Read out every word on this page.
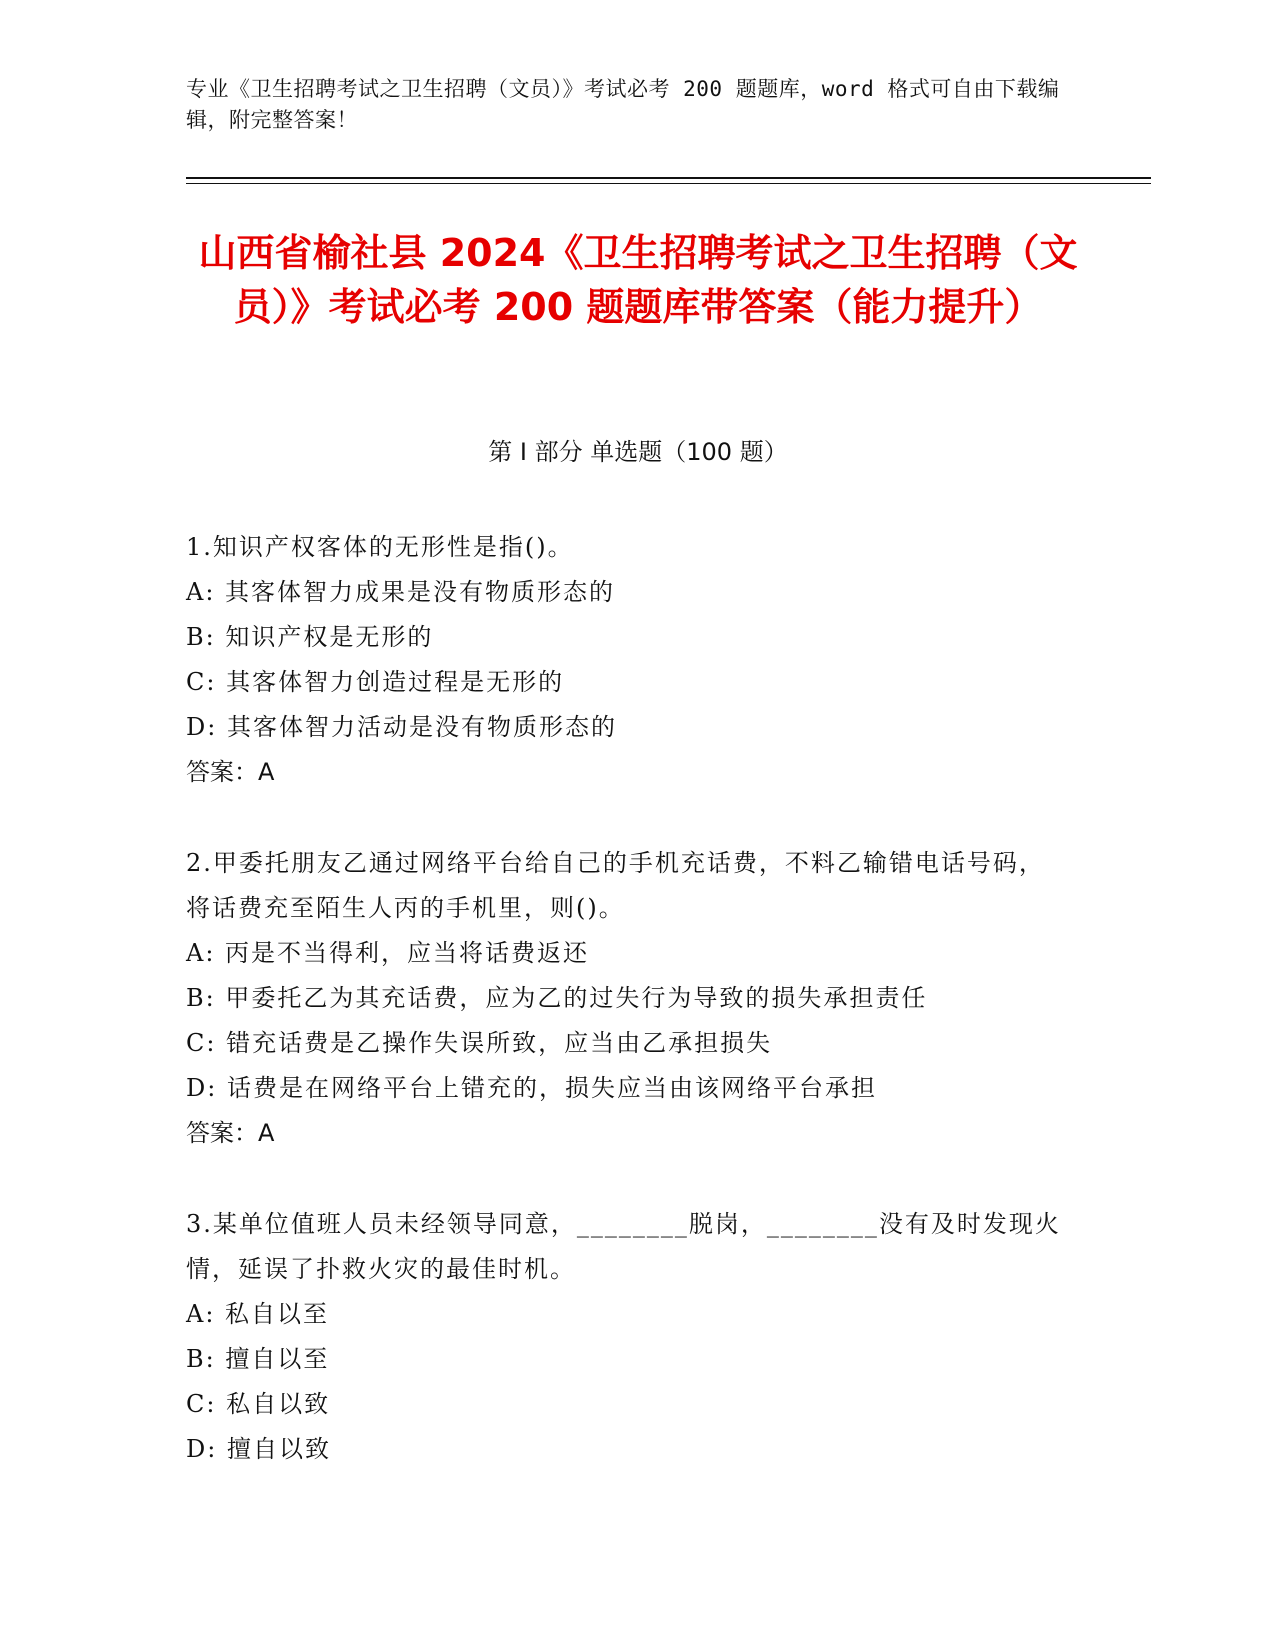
专业《卫生招聘考试之卫生招聘（文员）》考试必考 200 题题库，word 格式可自由下载编辑，附完整答案！
山西省榆社县 2024《卫生招聘考试之卫生招聘（文员）》考试必考 200 题题库带答案（能力提升）
第 I 部分 单选题（100 题）
1.知识产权客体的无形性是指()。
A: 其客体智力成果是没有物质形态的
B: 知识产权是无形的
C: 其客体智力创造过程是无形的
D: 其客体智力活动是没有物质形态的
答案：A
2.甲委托朋友乙通过网络平台给自己的手机充话费，不料乙输错电话号码，将话费充至陌生人丙的手机里，则()。
A: 丙是不当得利，应当将话费返还
B: 甲委托乙为其充话费，应为乙的过失行为导致的损失承担责任
C: 错充话费是乙操作失误所致，应当由乙承担损失
D: 话费是在网络平台上错充的，损失应当由该网络平台承担
答案：A
3.某单位值班人员未经领导同意，________脱岗，________没有及时发现火情，延误了扑救火灾的最佳时机。
A: 私自以至
B: 擅自以至
C: 私自以致
D: 擅自以致
